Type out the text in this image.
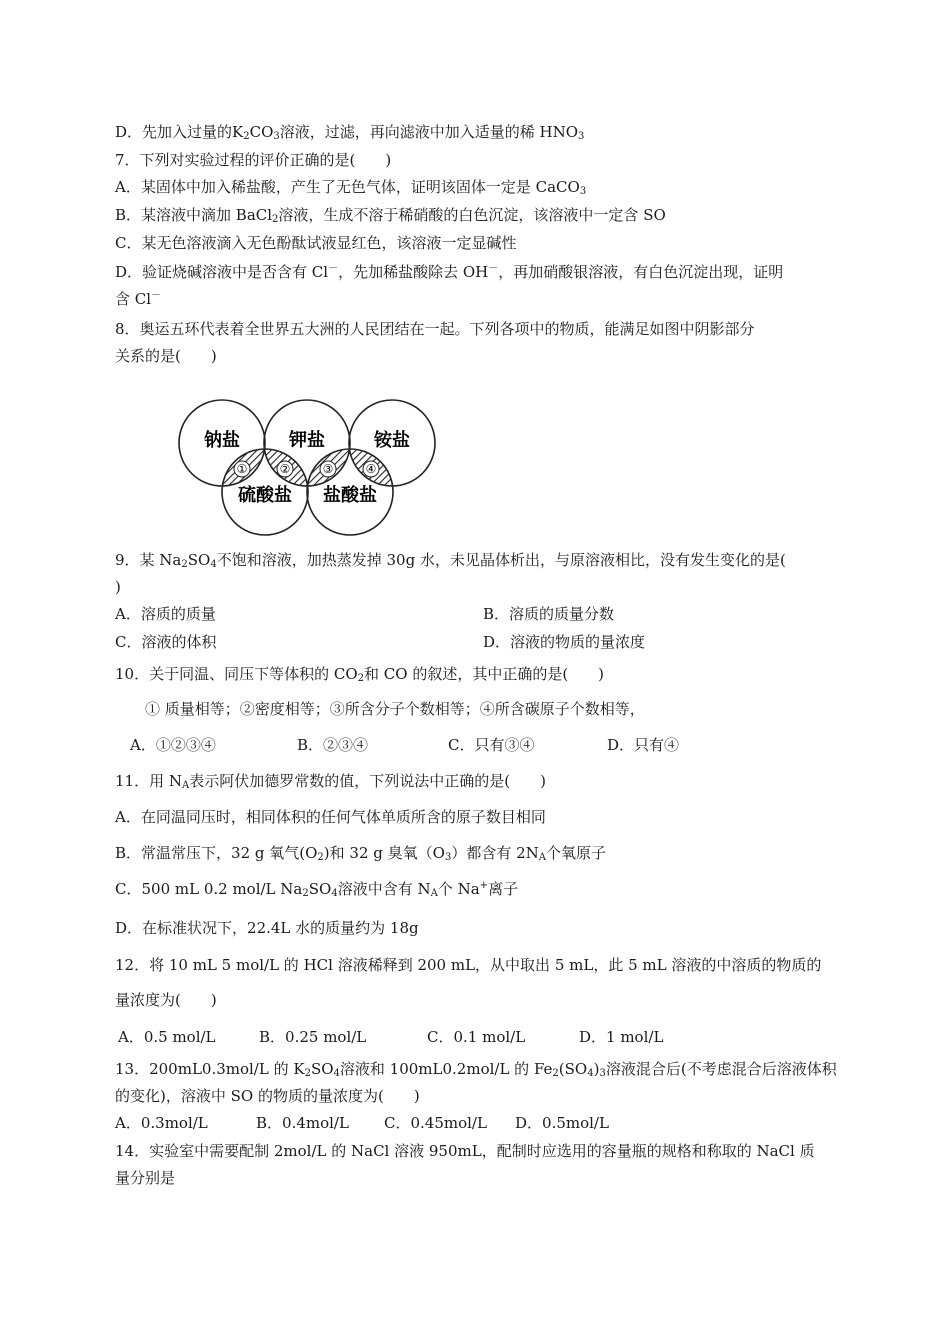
D．先加入过量的$K_2CO_3$溶液，过滤，再向滤液中加入适量的稀 $HNO_3$
7．下列对实验过程的评价正确的是(　　)
A．某固体中加入稀盐酸，产生了无色气体，证明该固体一定是 CaCO$_3$
B．某溶液中滴加 BaCl$_2$溶液，生成不溶于稀硝酸的白色沉淀，该溶液中一定含 SO
C．某无色溶液滴入无色酚酞试液显红色，该溶液一定显碱性
D．验证烧碱溶液中是否含有 Cl－，先加稀盐酸除去 OH－，再加硝酸银溶液，有白色沉淀出现，证明
含 Cl－
8．奥运五环代表着全世界五大洲的人民团结在一起。下列各项中的物质，能满足如图中阴影部分
关系的是(　　)
①	②	③	④
钠盐	钾盐	铵盐
硫酸盐 盐酸盐
9．某 $Na_2SO_4$不饱和溶液，加热蒸发掉 30g 水，未见晶体析出，与原溶液相比，没有发生变化的是(
)
A．溶质的质量	B．溶质的质量分数
C．溶液的体积	D．溶液的物质的量浓度
10．关于同温、同压下等体积的 $CO_2$和 CO 的叙述，其中正确的是(　　)
① 质量相等；②密度相等；③所含分子个数相等；④所含碳原子个数相等，
A．①②③④	B．②③④	C．只有③④	D．只有④
11．用 $N_A$表示阿伏加德罗常数的值，下列说法中正确的是(　　)
A．在同温同压时，相同体积的任何气体单质所含的原子数目相同
B．常温常压下，32 g 氧气$(O_2)$和 32 g 臭氧$(O_3)$都含有 $2N_A$个氧原子
C．500 mL 0.2 mol/L $Na_2SO_4$溶液中含有 $N_A$个 Na+离子
D．在标准状况下，22.4L 水的质量约为 18g
12．将 10 mL 5 mol/L 的 HCl 溶液稀释到 200 mL，从中取出 5 mL，此 5 mL 溶液的中溶质的物质的
量浓度为(　　)
A．0.5 mol/L	B．0.25 mol/L	C．0.1 mol/L	D．1 mol/L
13．200mL0.3mol/L 的 $K_2SO_4$溶液和 100mL0.2mol/L 的 $Fe_2(SO_4)_3$溶液混合后(不考虑混合后溶液体积
的变化)，溶液中 SO 的物质的量浓度为(　　)
A．0.3mol/L	B．0.4mol/L C．0.45mol/L D．0.5mol/L
14．实验室中需要配制 2mol/L 的 NaCl 溶液 950mL，配制时应选用的容量瓶的规格和称取的 NaCl 质
量分别是
